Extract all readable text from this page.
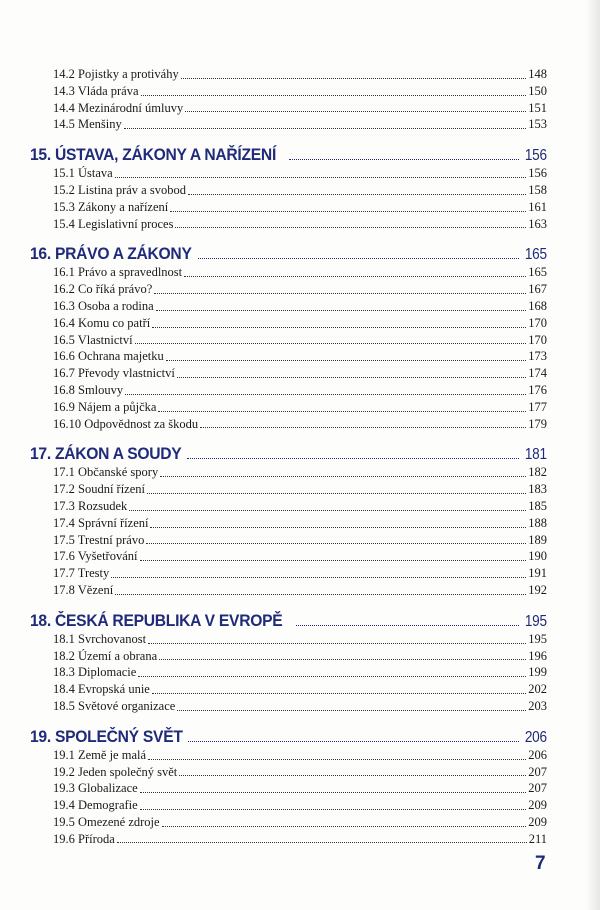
14.2 Pojistky a protiváhy	148
14.3 Vláda práva	150
14.4 Mezinárodní úmluvy	151
14.5 Menšiny	153
15. ÚSTAVA, ZÁKONY A NAŘÍZENÍ	156
15.1 Ústava	156
15.2 Listina práv a svobod	158
15.3 Zákony a nařízení	161
15.4 Legislativní proces	163
16. PRÁVO A ZÁKONY	165
16.1 Právo a spravedlnost	165
16.2 Co říká právo?	167
16.3 Osoba a rodina	168
16.4 Komu co patří	170
16.5 Vlastnictví	170
16.6 Ochrana majetku	173
16.7 Převody vlastnictví	174
16.8 Smlouvy	176
16.9 Nájem a půjčka	177
16.10 Odpovědnost za škodu	179
17. ZÁKON A SOUDY	181
17.1 Občanské spory	182
17.2 Soudní řízení	183
17.3 Rozsudek	185
17.4 Správní řízení	188
17.5 Trestní právo	189
17.6 Vyšetřování	190
17.7 Tresty	191
17.8 Vězení	192
18. ČESKÁ REPUBLIKA V EVROPĚ	195
18.1 Svrchovanost	195
18.2 Území a obrana	196
18.3 Diplomacie	199
18.4 Evropská unie	202
18.5 Světové organizace	203
19. SPOLEČNÝ SVĚT	206
19.1 Země je malá	206
19.2 Jeden společný svět	207
19.3 Globalizace	207
19.4 Demografie	209
19.5 Omezené zdroje	209
19.6 Příroda	211
7
